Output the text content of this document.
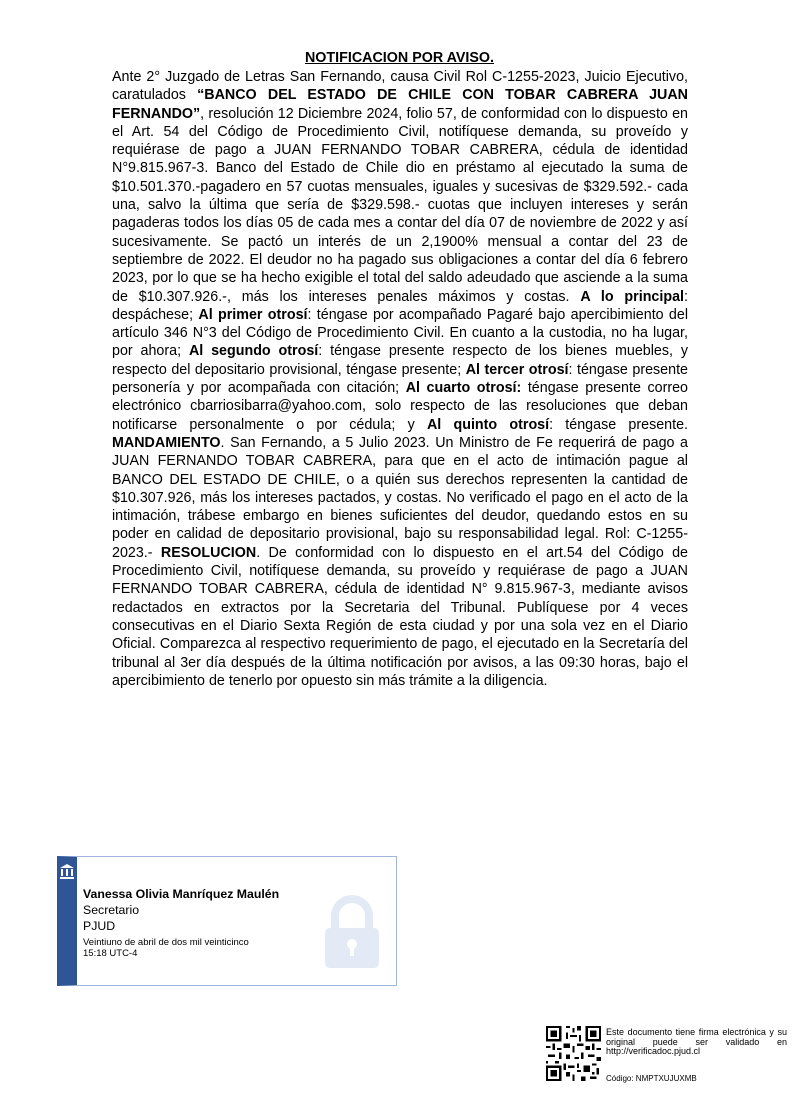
NOTIFICACION POR AVISO.
Ante 2° Juzgado de Letras San Fernando, causa Civil Rol C-1255-2023, Juicio Ejecutivo, caratulados “BANCO DEL ESTADO DE CHILE CON TOBAR CABRERA JUAN FERNANDO”, resolución 12 Diciembre 2024, folio 57, de conformidad con lo dispuesto en el Art. 54 del Código de Procedimiento Civil, notifíquese demanda, su proveído y requiérase de pago a JUAN FERNANDO TOBAR CABRERA, cédula de identidad N°9.815.967-3. Banco del Estado de Chile dio en préstamo al ejecutado la suma de $10.501.370.-pagadero en 57 cuotas mensuales, iguales y sucesivas de $329.592.- cada una, salvo la última que sería de $329.598.- cuotas que incluyen intereses y serán pagaderas todos los días 05 de cada mes a contar del día 07 de noviembre de 2022 y así sucesivamente. Se pactó un interés de un 2,1900% mensual a contar del 23 de septiembre de 2022. El deudor no ha pagado sus obligaciones a contar del día 6 febrero 2023, por lo que se ha hecho exigible el total del saldo adeudado que asciende a la suma de $10.307.926.-, más los intereses penales máximos y costas. A lo principal: despáchese; Al primer otrosí: téngase por acompañado Pagaré bajo apercibimiento del artículo 346 N°3 del Código de Procedimiento Civil. En cuanto a la custodia, no ha lugar, por ahora; Al segundo otrosí: téngase presente respecto de los bienes muebles, y respecto del depositario provisional, téngase presente; Al tercer otrosí: téngase presente personería y por acompañada con citación; Al cuarto otrosí: téngase presente correo electrónico cbarriosibarra@yahoo.com, solo respecto de las resoluciones que deban notificarse personalmente o por cédula; y Al quinto otrosí: téngase presente. MANDAMIENTO. San Fernando, a 5 Julio 2023. Un Ministro de Fe requerirá de pago a JUAN FERNANDO TOBAR CABRERA, para que en el acto de intimación pague al BANCO DEL ESTADO DE CHILE, o a quién sus derechos representen la cantidad de $10.307.926, más los intereses pactados, y costas. No verificado el pago en el acto de la intimación, trábese embargo en bienes suficientes del deudor, quedando estos en su poder en calidad de depositario provisional, bajo su responsabilidad legal. Rol: C-1255-2023.- RESOLUCION. De conformidad con lo dispuesto en el art.54 del Código de Procedimiento Civil, notifíquese demanda, su proveído y requiérase de pago a JUAN FERNANDO TOBAR CABRERA, cédula de identidad N° 9.815.967-3, mediante avisos redactados en extractos por la Secretaria del Tribunal. Publíquese por 4 veces consecutivas en el Diario Sexta Región de esta ciudad y por una sola vez en el Diario Oficial. Comparezca al respectivo requerimiento de pago, el ejecutado en la Secretaría del tribunal al 3er día después de la última notificación por avisos, a las 09:30 horas, bajo el apercibimiento de tenerlo por opuesto sin más trámite a la diligencia.
Vanessa Olivia Manríquez Maulén
Secretario
PJUD
Veintiuno de abril de dos mil veinticinco
15:18 UTC-4
Este documento tiene firma electrónica y su original puede ser validado en http://verificadoc.pjud.cl
Código: NMPTXUJUXMB
